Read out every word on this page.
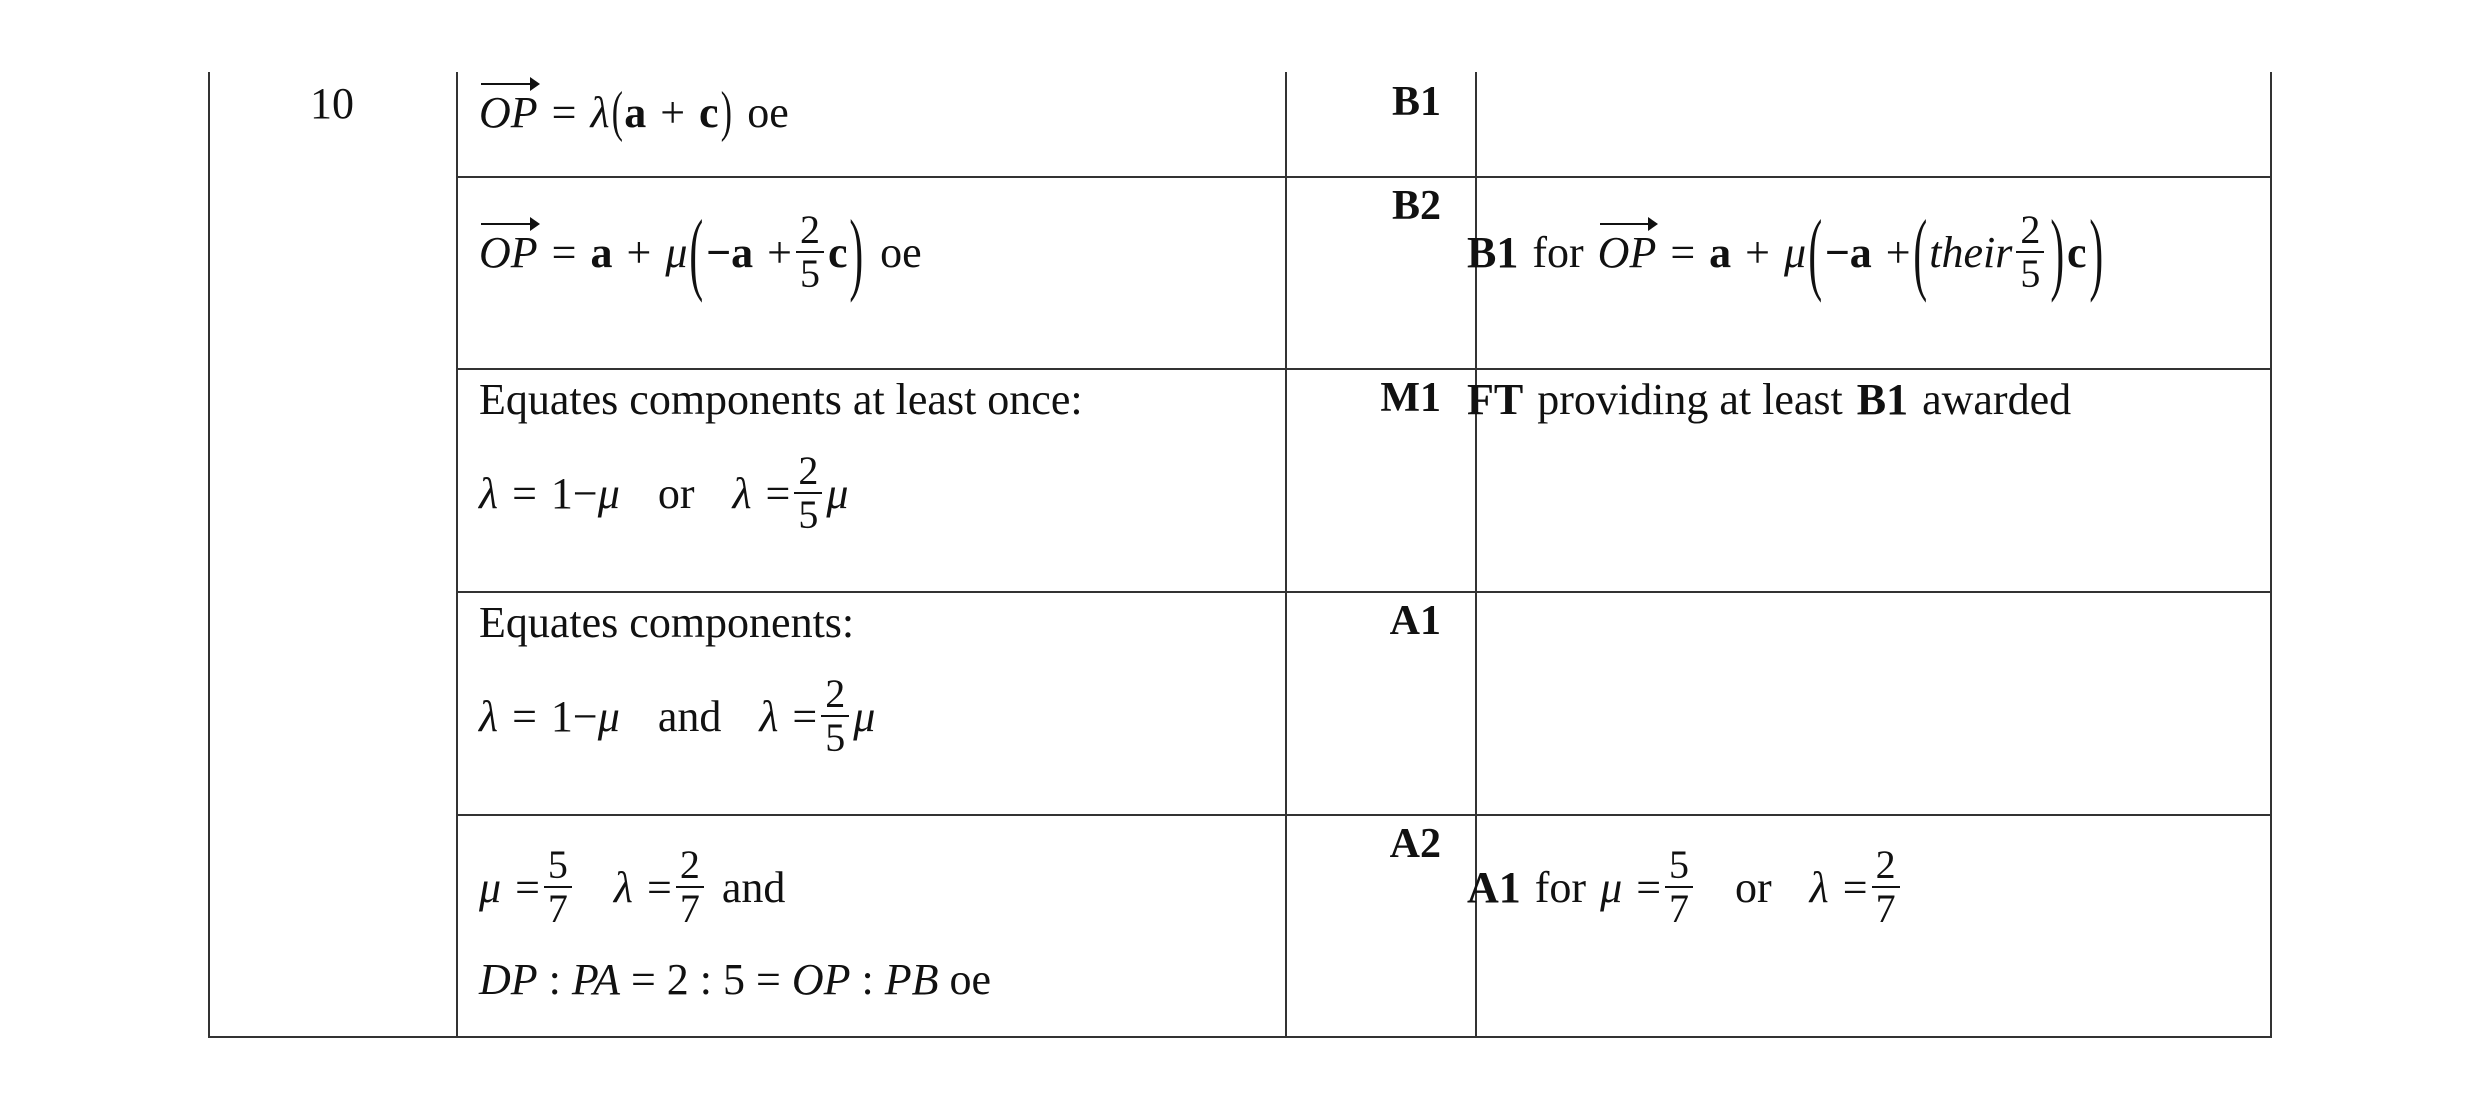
10	OP = λ ( a + c ) oe	B1
OP = a + μ ( $-a + \frac{2}{5}$ c ) oe
B2
B1 for OP = a + μ ( −a + ( their $\frac{2}{5}$ ) c )
Equates components at least once:
λ = 1 − μ or $\lambda = \frac{2}{5}$ μ
M1 FT providing at least B1 awarded
Equates components:
λ = 1 − μ and $\lambda = \frac{2}{5}$ μ
A1
$\mu = \frac{5}{7}$ $\lambda = \frac{2}{7}$ and
DP : PA = 2 : 5 = OP : PB oe
A2
A1 for $\mu = \frac{5}{7}$ or $\lambda = \frac{2}{7}$
